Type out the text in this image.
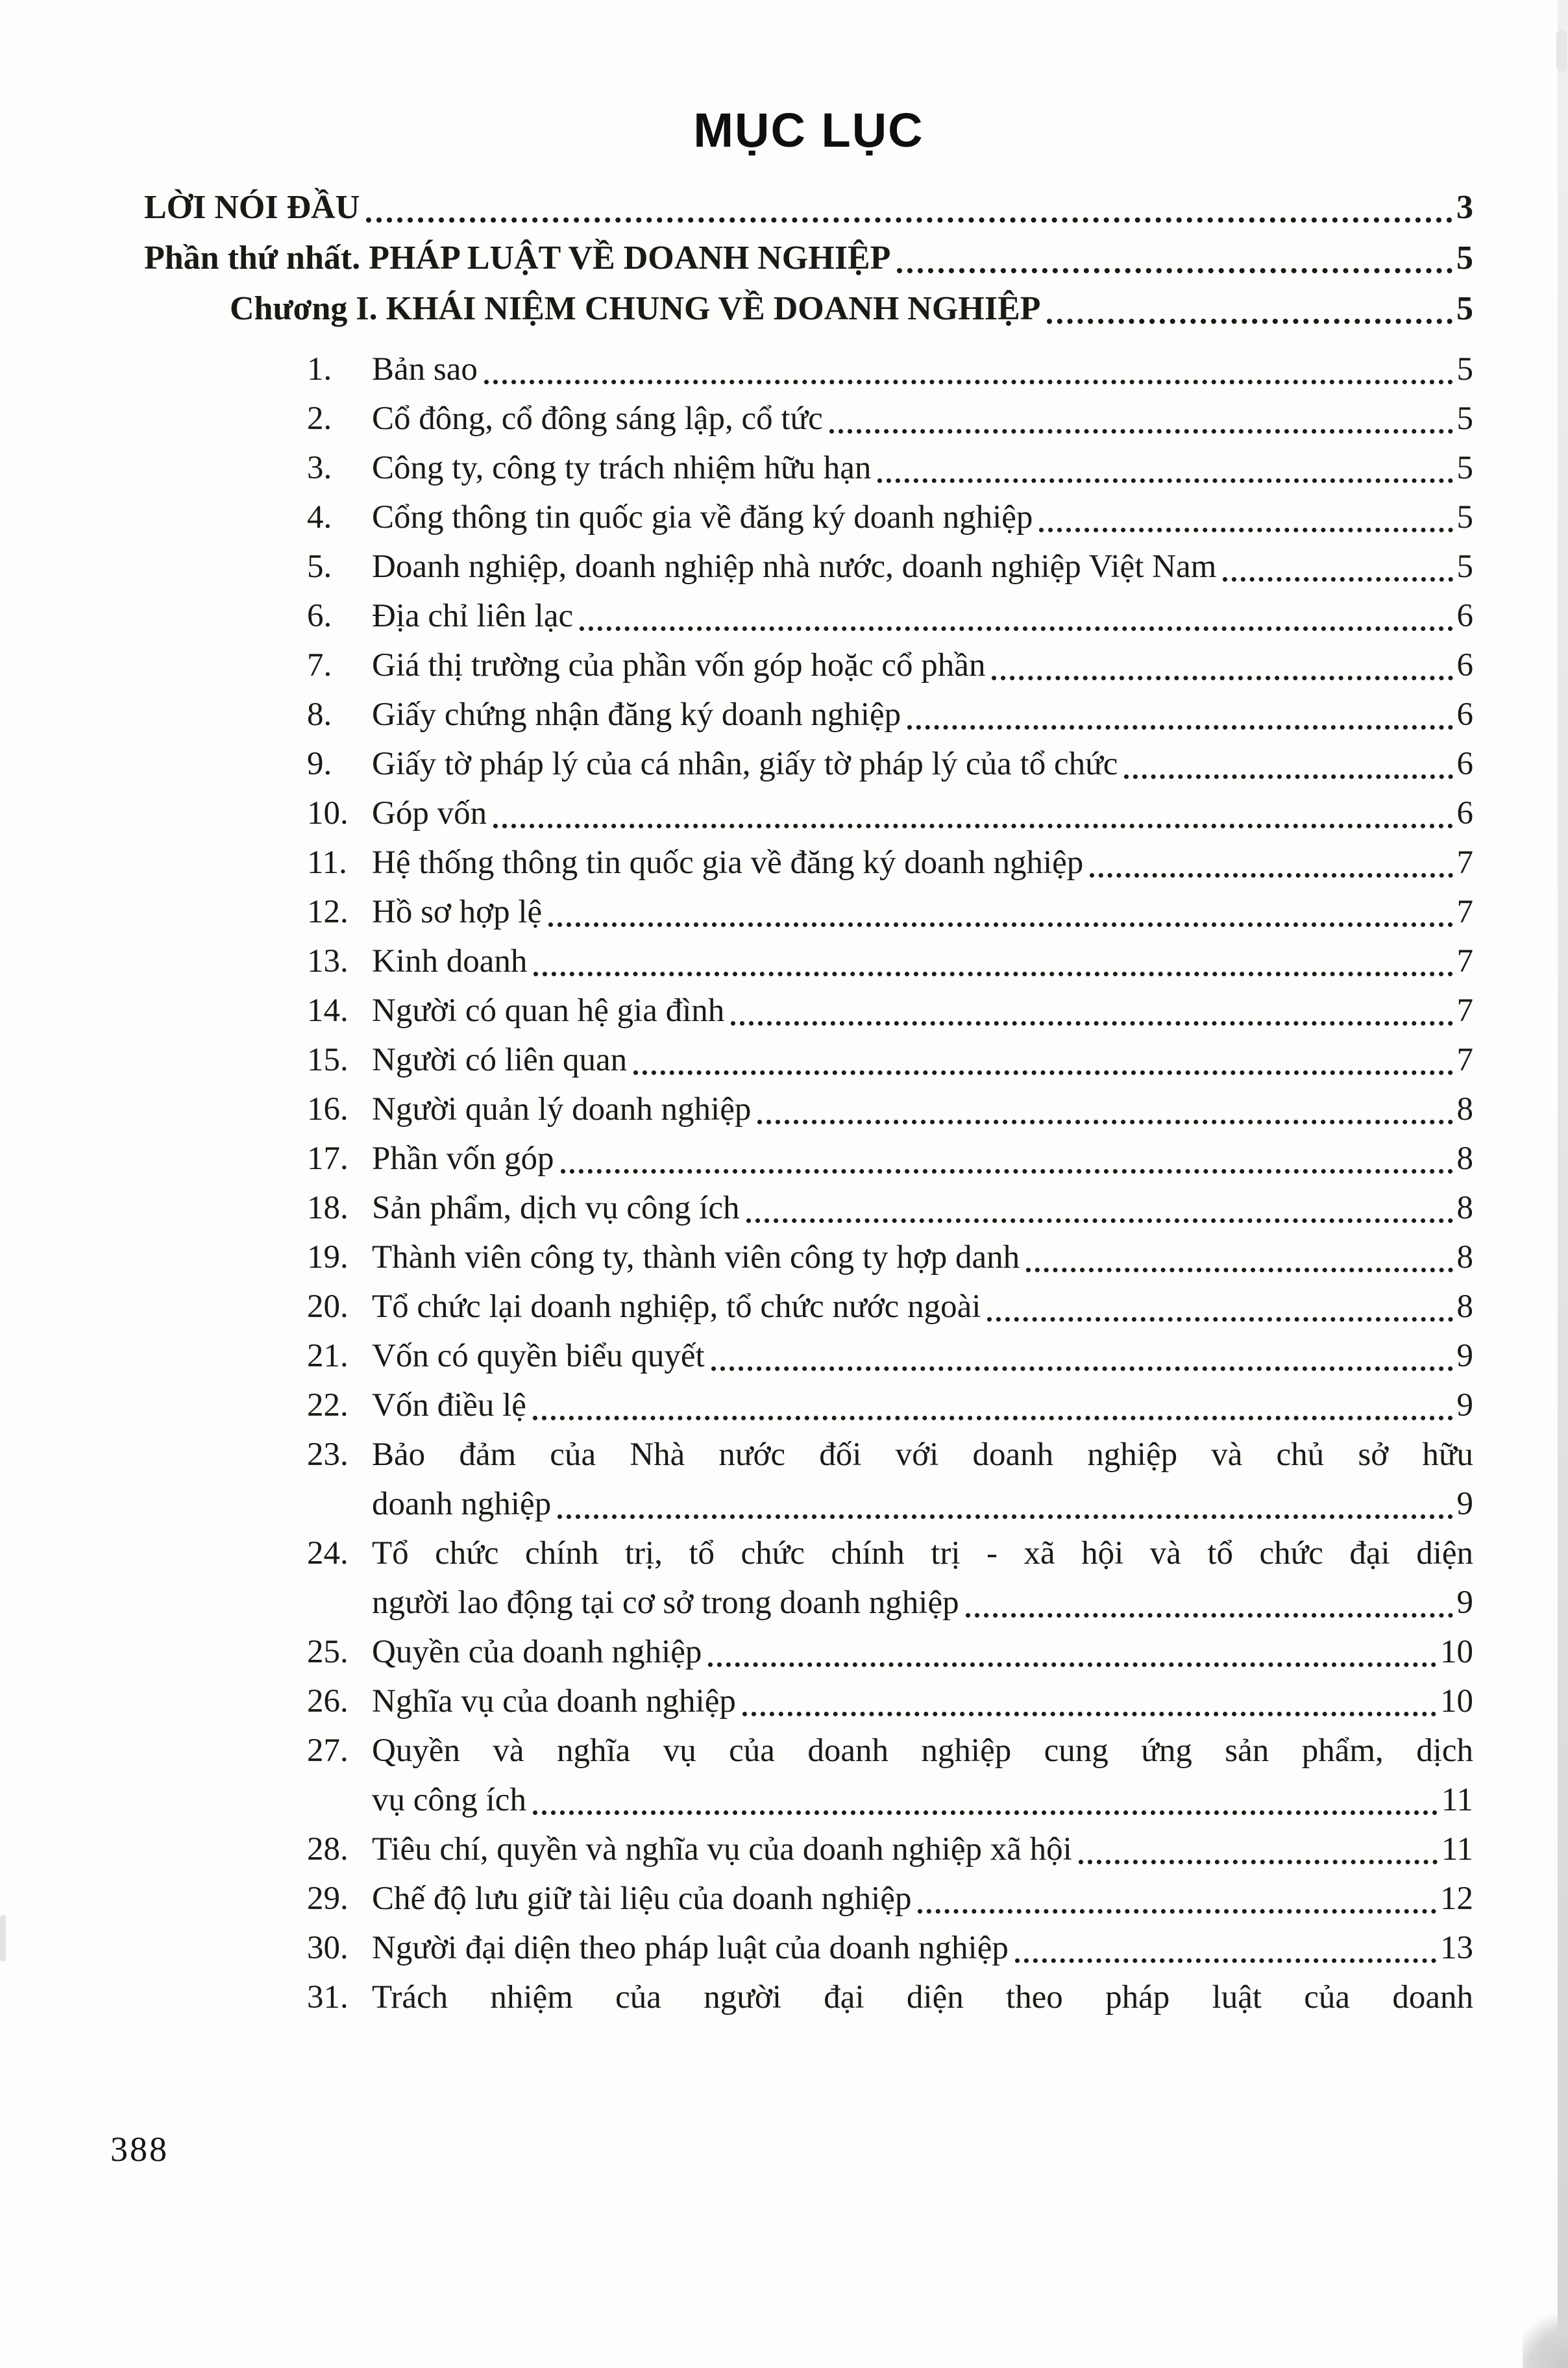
MỤC LỤC
LỜI NÓI ĐẦU	3
Phần thứ nhất. PHÁP LUẬT VỀ DOANH NGHIỆP	5
Chương I. KHÁI NIỆM CHUNG VỀ DOANH NGHIỆP	5
1.	Bản sao	5
2.	Cổ đông, cổ đông sáng lập, cổ tức	5
3.	Công ty, công ty trách nhiệm hữu hạn	5
4.	Cổng thông tin quốc gia về đăng ký doanh nghiệp	5
5.	Doanh nghiệp, doanh nghiệp nhà nước, doanh nghiệp Việt Nam	5
6.	Địa chỉ liên lạc	6
7.	Giá thị trường của phần vốn góp hoặc cổ phần	6
8.	Giấy chứng nhận đăng ký doanh nghiệp	6
9.	Giấy tờ pháp lý của cá nhân, giấy tờ pháp lý của tổ chức	6
10. Góp vốn	6
11. Hệ thống thông tin quốc gia về đăng ký doanh nghiệp	7
12. Hồ sơ hợp lệ	7
13. Kinh doanh	7
14. Người có quan hệ gia đình	7
15. Người có liên quan	7
16. Người quản lý doanh nghiệp	8
17. Phần vốn góp	8
18. Sản phẩm, dịch vụ công ích	8
19. Thành viên công ty, thành viên công ty hợp danh	8
20. Tổ chức lại doanh nghiệp, tổ chức nước ngoài	8
21. Vốn có quyền biểu quyết	9
22. Vốn điều lệ	9
23. Bảo đảm của Nhà nước đối với doanh nghiệp và chủ sở hữu
doanh nghiệp	9
24. Tổ chức chính trị, tổ chức chính trị - xã hội và tổ chức đại diện
người lao động tại cơ sở trong doanh nghiệp	9
25. Quyền của doanh nghiệp	10
26. Nghĩa vụ của doanh nghiệp	10
27. Quyền và nghĩa vụ của doanh nghiệp cung ứng sản phẩm, dịch
vụ công ích	11
28. Tiêu chí, quyền và nghĩa vụ của doanh nghiệp xã hội	11
29. Chế độ lưu giữ tài liệu của doanh nghiệp	12
30. Người đại diện theo pháp luật của doanh nghiệp	13
31. Trách nhiệm của người đại diện theo pháp luật của doanh
388
